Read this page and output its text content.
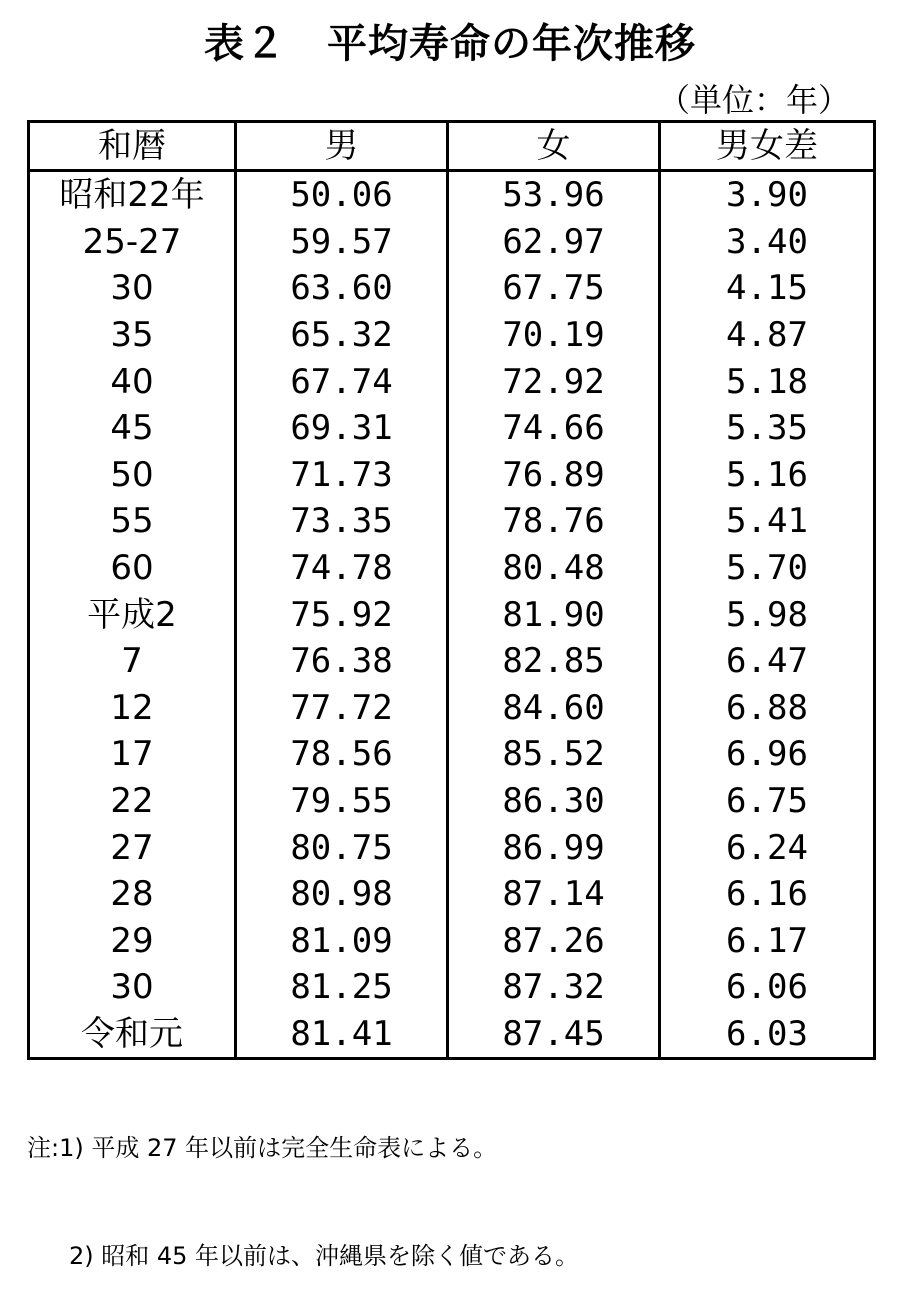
表２　平均寿命の年次推移
（単位：年）
和暦	男	女	男女差
昭和22年	50.06	53.96	3.90
25-27	59.57	62.97	3.40
30	63.60	67.75	4.15
35	65.32	70.19	4.87
40	67.74	72.92	5.18
45	69.31	74.66	5.35
50	71.73	76.89	5.16
55	73.35	78.76	5.41
60	74.78	80.48	5.70
平成2	75.92	81.90	5.98
7	76.38	82.85	6.47
12	77.72	84.60	6.88
17	78.56	85.52	6.96
22	79.55	86.30	6.75
27	80.75	86.99	6.24
28	80.98	87.14	6.16
29	81.09	87.26	6.17
30	81.25	87.32	6.06
令和元	81.41	87.45	6.03

注:1) 平成 27 年以前は完全生命表による。

2) 昭和 45 年以前は、沖縄県を除く値である。
